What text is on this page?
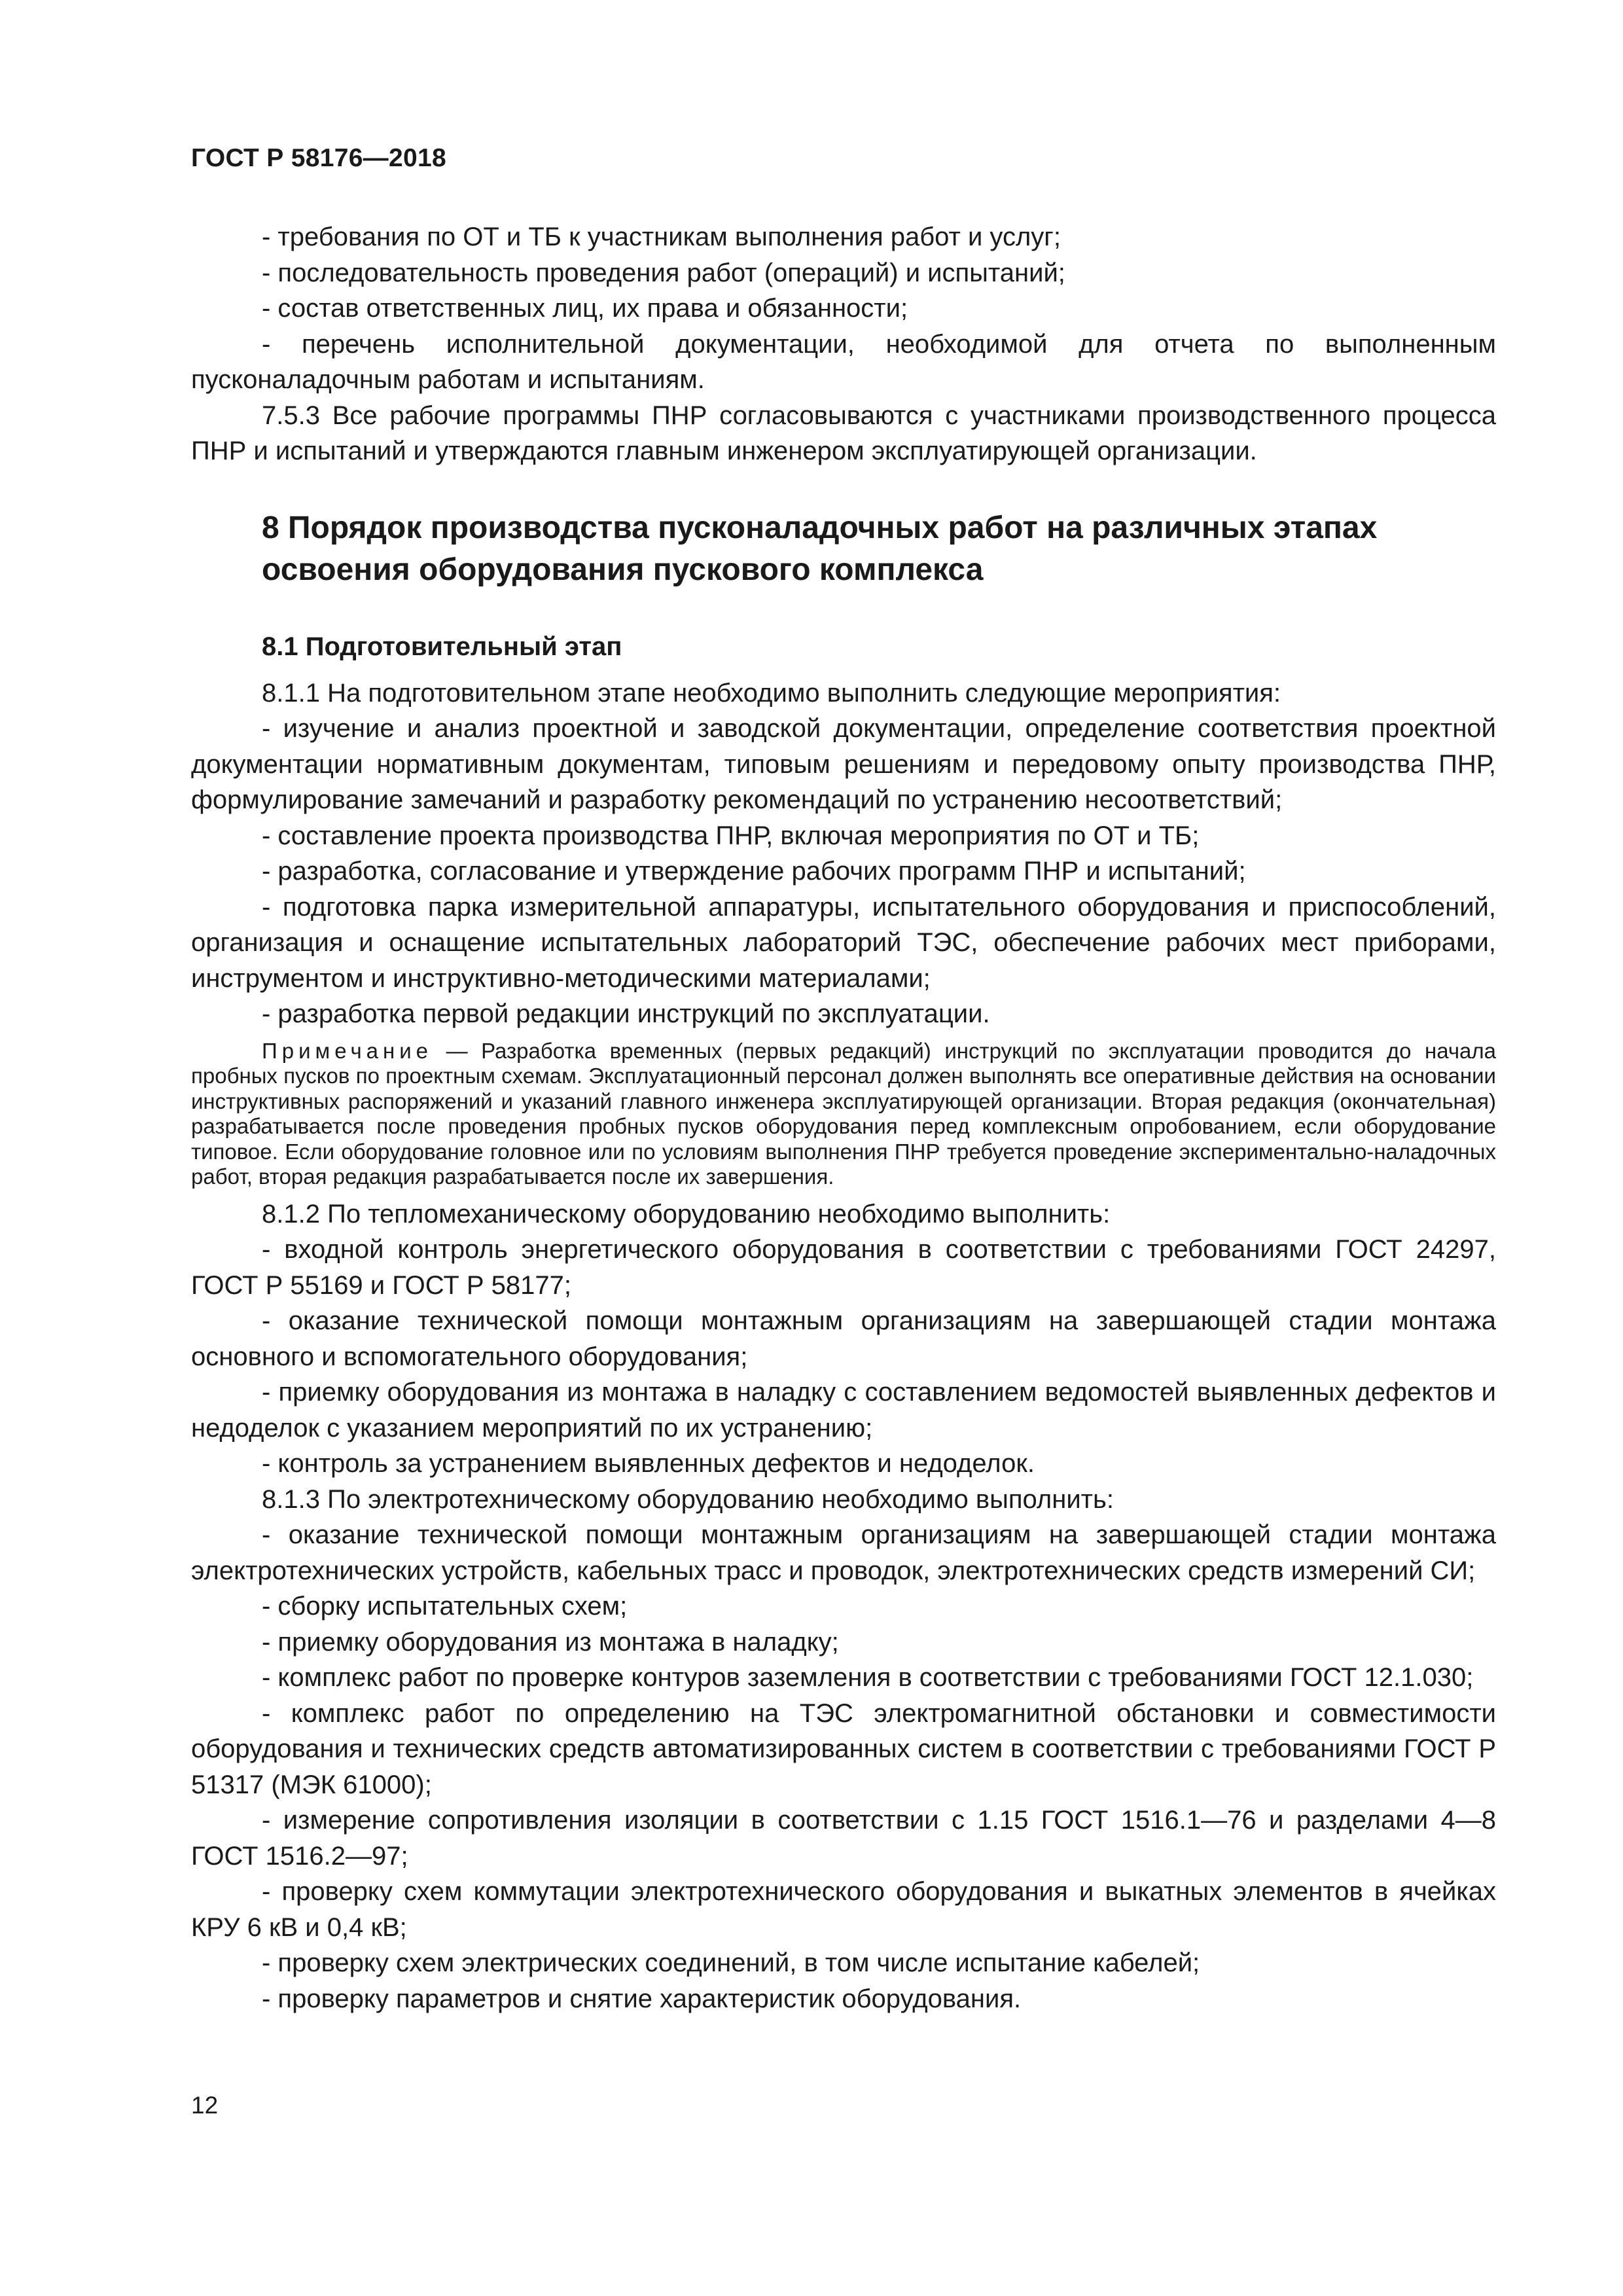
ГОСТ Р 58176—2018

- требования по ОТ и ТБ к участникам выполнения работ и услуг;

- последовательность проведения работ (операций) и испытаний;

- состав ответственных лиц, их права и обязанности;

- перечень исполнительной документации, необходимой для отчета по выполненным пусконаладочным работам и испытаниям.

7.5.3 Все рабочие программы ПНР согласовываются с участниками производственного процесса ПНР и испытаний и утверждаются главным инженером эксплуатирующей организации.

8 Порядок производства пусконаладочных работ на различных этапах освоения оборудования пускового комплекса

8.1 Подготовительный этап

8.1.1 На подготовительном этапе необходимо выполнить следующие мероприятия:

- изучение и анализ проектной и заводской документации, определение соответствия проектной документации нормативным документам, типовым решениям и передовому опыту производства ПНР, формулирование замечаний и разработку рекомендаций по устранению несоответствий;

- составление проекта производства ПНР, включая мероприятия по ОТ и ТБ;

- разработка, согласование и утверждение рабочих программ ПНР и испытаний;

- подготовка парка измерительной аппаратуры, испытательного оборудования и приспособлений, организация и оснащение испытательных лабораторий ТЭС, обеспечение рабочих мест приборами, инструментом и инструктивно-методическими материалами;

- разработка первой редакции инструкций по эксплуатации.

Примечание — Разработка временных (первых редакций) инструкций по эксплуатации проводится до начала пробных пусков по проектным схемам. Эксплуатационный персонал должен выполнять все оперативные действия на основании инструктивных распоряжений и указаний главного инженера эксплуатирующей организации. Вторая редакция (окончательная) разрабатывается после проведения пробных пусков оборудования перед комплексным опробованием, если оборудование типовое. Если оборудование головное или по условиям выполнения ПНР требуется проведение экспериментально-наладочных работ, вторая редакция разрабатывается после их завершения.

8.1.2 По тепломеханическому оборудованию необходимо выполнить:

- входной контроль энергетического оборудования в соответствии с требованиями ГОСТ 24297, ГОСТ Р 55169 и ГОСТ Р 58177;

- оказание технической помощи монтажным организациям на завершающей стадии монтажа основного и вспомогательного оборудования;

- приемку оборудования из монтажа в наладку с составлением ведомостей выявленных дефектов и недоделок с указанием мероприятий по их устранению;

- контроль за устранением выявленных дефектов и недоделок.

8.1.3 По электротехническому оборудованию необходимо выполнить:

- оказание технической помощи монтажным организациям на завершающей стадии монтажа электротехнических устройств, кабельных трасс и проводок, электротехнических средств измерений СИ;

- сборку испытательных схем;

- приемку оборудования из монтажа в наладку;

- комплекс работ по проверке контуров заземления в соответствии с требованиями ГОСТ 12.1.030;

- комплекс работ по определению на ТЭС электромагнитной обстановки и совместимости оборудования и технических средств автоматизированных систем в соответствии с требованиями ГОСТ Р 51317 (МЭК 61000);

- измерение сопротивления изоляции в соответствии с 1.15 ГОСТ 1516.1—76 и разделами 4—8 ГОСТ 1516.2—97;

- проверку схем коммутации электротехнического оборудования и выкатных элементов в ячейках КРУ 6 кВ и 0,4 кВ;

- проверку схем электрических соединений, в том числе испытание кабелей;

- проверку параметров и снятие характеристик оборудования.

12
